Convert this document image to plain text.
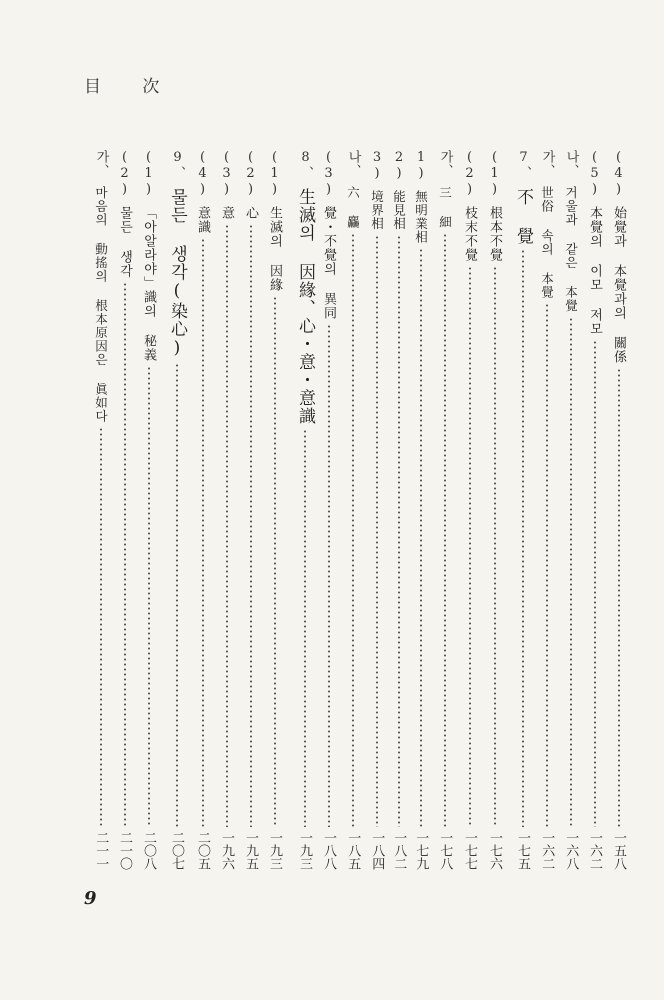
目 次
(4)始覺과 本覺과의 關係
一五八
(5)本覺의 이모 저모
一六二
나、거울과 같은 本覺
一六八
가、世俗 속의 本覺
一六二
7、不 覺
一七五
(1)根本不覺
一七六
(2)枝末不覺
一七七
가、三 細
一七八
1)無明業相
一七九
2)能見相
一八二
3)境界相
一八四
나、六 麤
一八五
(3)覺・不覺의 異同
一八八
8、生滅의 因緣、心・意・意識
一九三
(1)生滅의 因緣
一九三
(2)心
一九五
(3)意
一九六
(4)意識
二〇五
9、물든 생각(染心)
二〇七
(1)「아알라야」識의 秘義
二〇八
(2)물든 생각
二一〇
가、마음의 動搖의 根本原因은 眞如다
二一一
9
